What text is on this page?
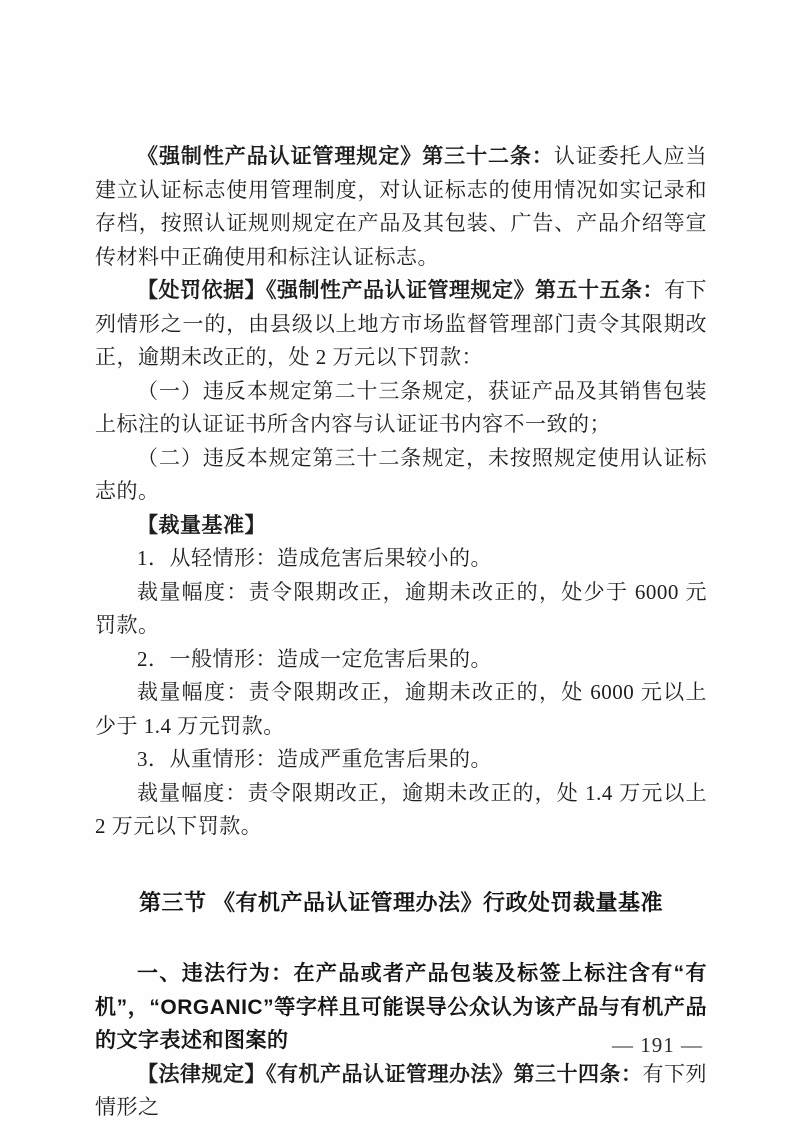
《强制性产品认证管理规定》第三十二条：认证委托人应当建立认证标志使用管理制度，对认证标志的使用情况如实记录和存档，按照认证规则规定在产品及其包装、广告、产品介绍等宣传材料中正确使用和标注认证标志。

【处罚依据】《强制性产品认证管理规定》第五十五条：有下列情形之一的，由县级以上地方市场监督管理部门责令其限期改正，逾期未改正的，处 2 万元以下罚款：

（一）违反本规定第二十三条规定，获证产品及其销售包装上标注的认证证书所含内容与认证证书内容不一致的；

（二）违反本规定第三十二条规定，未按照规定使用认证标志的。

【裁量基准】

1．从轻情形：造成危害后果较小的。

裁量幅度：责令限期改正，逾期未改正的，处少于 6000 元罚款。

2．一般情形：造成一定危害后果的。

裁量幅度：责令限期改正，逾期未改正的，处 6000 元以上少于 1.4 万元罚款。

3．从重情形：造成严重危害后果的。

裁量幅度：责令限期改正，逾期未改正的，处 1.4 万元以上 2 万元以下罚款。

第三节 《有机产品认证管理办法》行政处罚裁量基准

一、违法行为：在产品或者产品包装及标签上标注含有“有机”，“ORGANIC”等字样且可能误导公众认为该产品与有机产品的文字表述和图案的

【法律规定】《有机产品认证管理办法》第三十四条：有下列情形之

— 191 —
